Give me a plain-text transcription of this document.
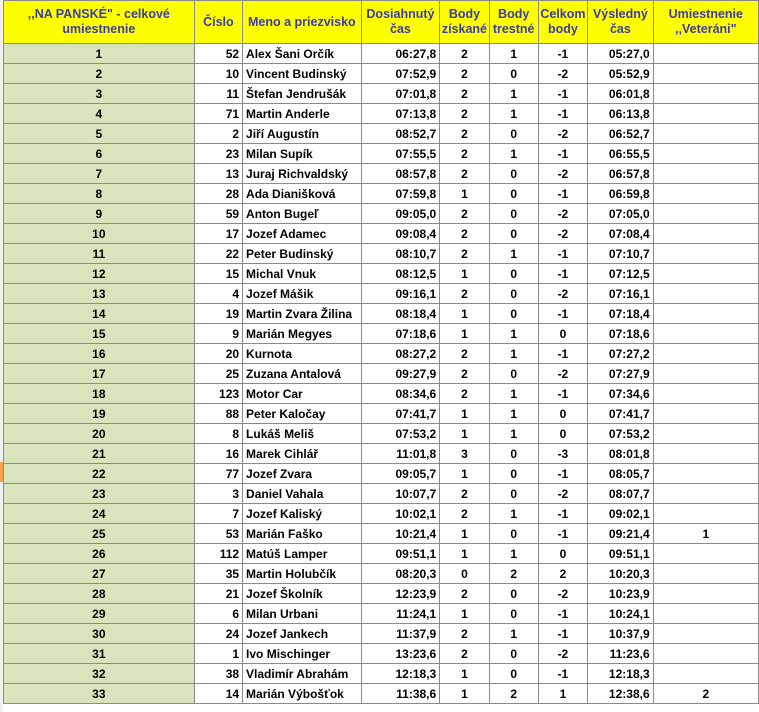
,,NA PANSKÉ" - celkové umiestnenie	Číslo	Meno a priezvisko	Dosiahnutý čas	Body získané	Body trestné	Celkom body	Výsledný čas	Umiestnenie ,,Veteráni"
1	52	Alex Šani Orčík	06:27,8	2	1	-1	05:27,0	
2	10	Vincent Budinský	07:52,9	2	0	-2	05:52,9	
3	11	Štefan Jendrušák	07:01,8	2	1	-1	06:01,8	
4	71	Martin Anderle	07:13,8	2	1	-1	06:13,8	
5	2	Jiří Augustín	08:52,7	2	0	-2	06:52,7	
6	23	Milan Supík	07:55,5	2	1	-1	06:55,5	
7	13	Juraj Richvaldský	08:57,8	2	0	-2	06:57,8	
8	28	Ada Dianišková	07:59,8	1	0	-1	06:59,8	
9	59	Anton Bugeľ	09:05,0	2	0	-2	07:05,0	
10	17	Jozef Adamec	09:08,4	2	0	-2	07:08,4	
11	22	Peter Budinský	08:10,7	2	1	-1	07:10,7	
12	15	Michal Vnuk	08:12,5	1	0	-1	07:12,5	
13	4	Jozef Mášik	09:16,1	2	0	-2	07:16,1	
14	19	Martin Zvara Žilina	08:18,4	1	0	-1	07:18,4	
15	9	Marián Megyes	07:18,6	1	1	0	07:18,6	
16	20	Kurnota	08:27,2	2	1	-1	07:27,2	
17	25	Zuzana Antalová	09:27,9	2	0	-2	07:27,9	
18	123	Motor Car	08:34,6	2	1	-1	07:34,6	
19	88	Peter Kaločay	07:41,7	1	1	0	07:41,7	
20	8	Lukáš Meliš	07:53,2	1	1	0	07:53,2	
21	16	Marek Cihlář	11:01,8	3	0	-3	08:01,8	
22	77	Jozef Zvara	09:05,7	1	0	-1	08:05,7	
23	3	Daniel Vahala	10:07,7	2	0	-2	08:07,7	
24	7	Jozef Kaliský	10:02,1	2	1	-1	09:02,1	
25	53	Marián Faško	10:21,4	1	0	-1	09:21,4	1
26	112	Matúš Lamper	09:51,1	1	1	0	09:51,1	
27	35	Martin Holubčík	08:20,3	0	2	2	10:20,3	
28	21	Jozef Školník	12:23,9	2	0	-2	10:23,9	
29	6	Milan Urbani	11:24,1	1	0	-1	10:24,1	
30	24	Jozef Jankech	11:37,9	2	1	-1	10:37,9	
31	1	Ivo Mischinger	13:23,6	2	0	-2	11:23,6	
32	38	Vladimír Abrahám	12:18,3	1	0	-1	12:18,3	
33	14	Marián Výbošťok	11:38,6	1	2	1	12:38,6	2
